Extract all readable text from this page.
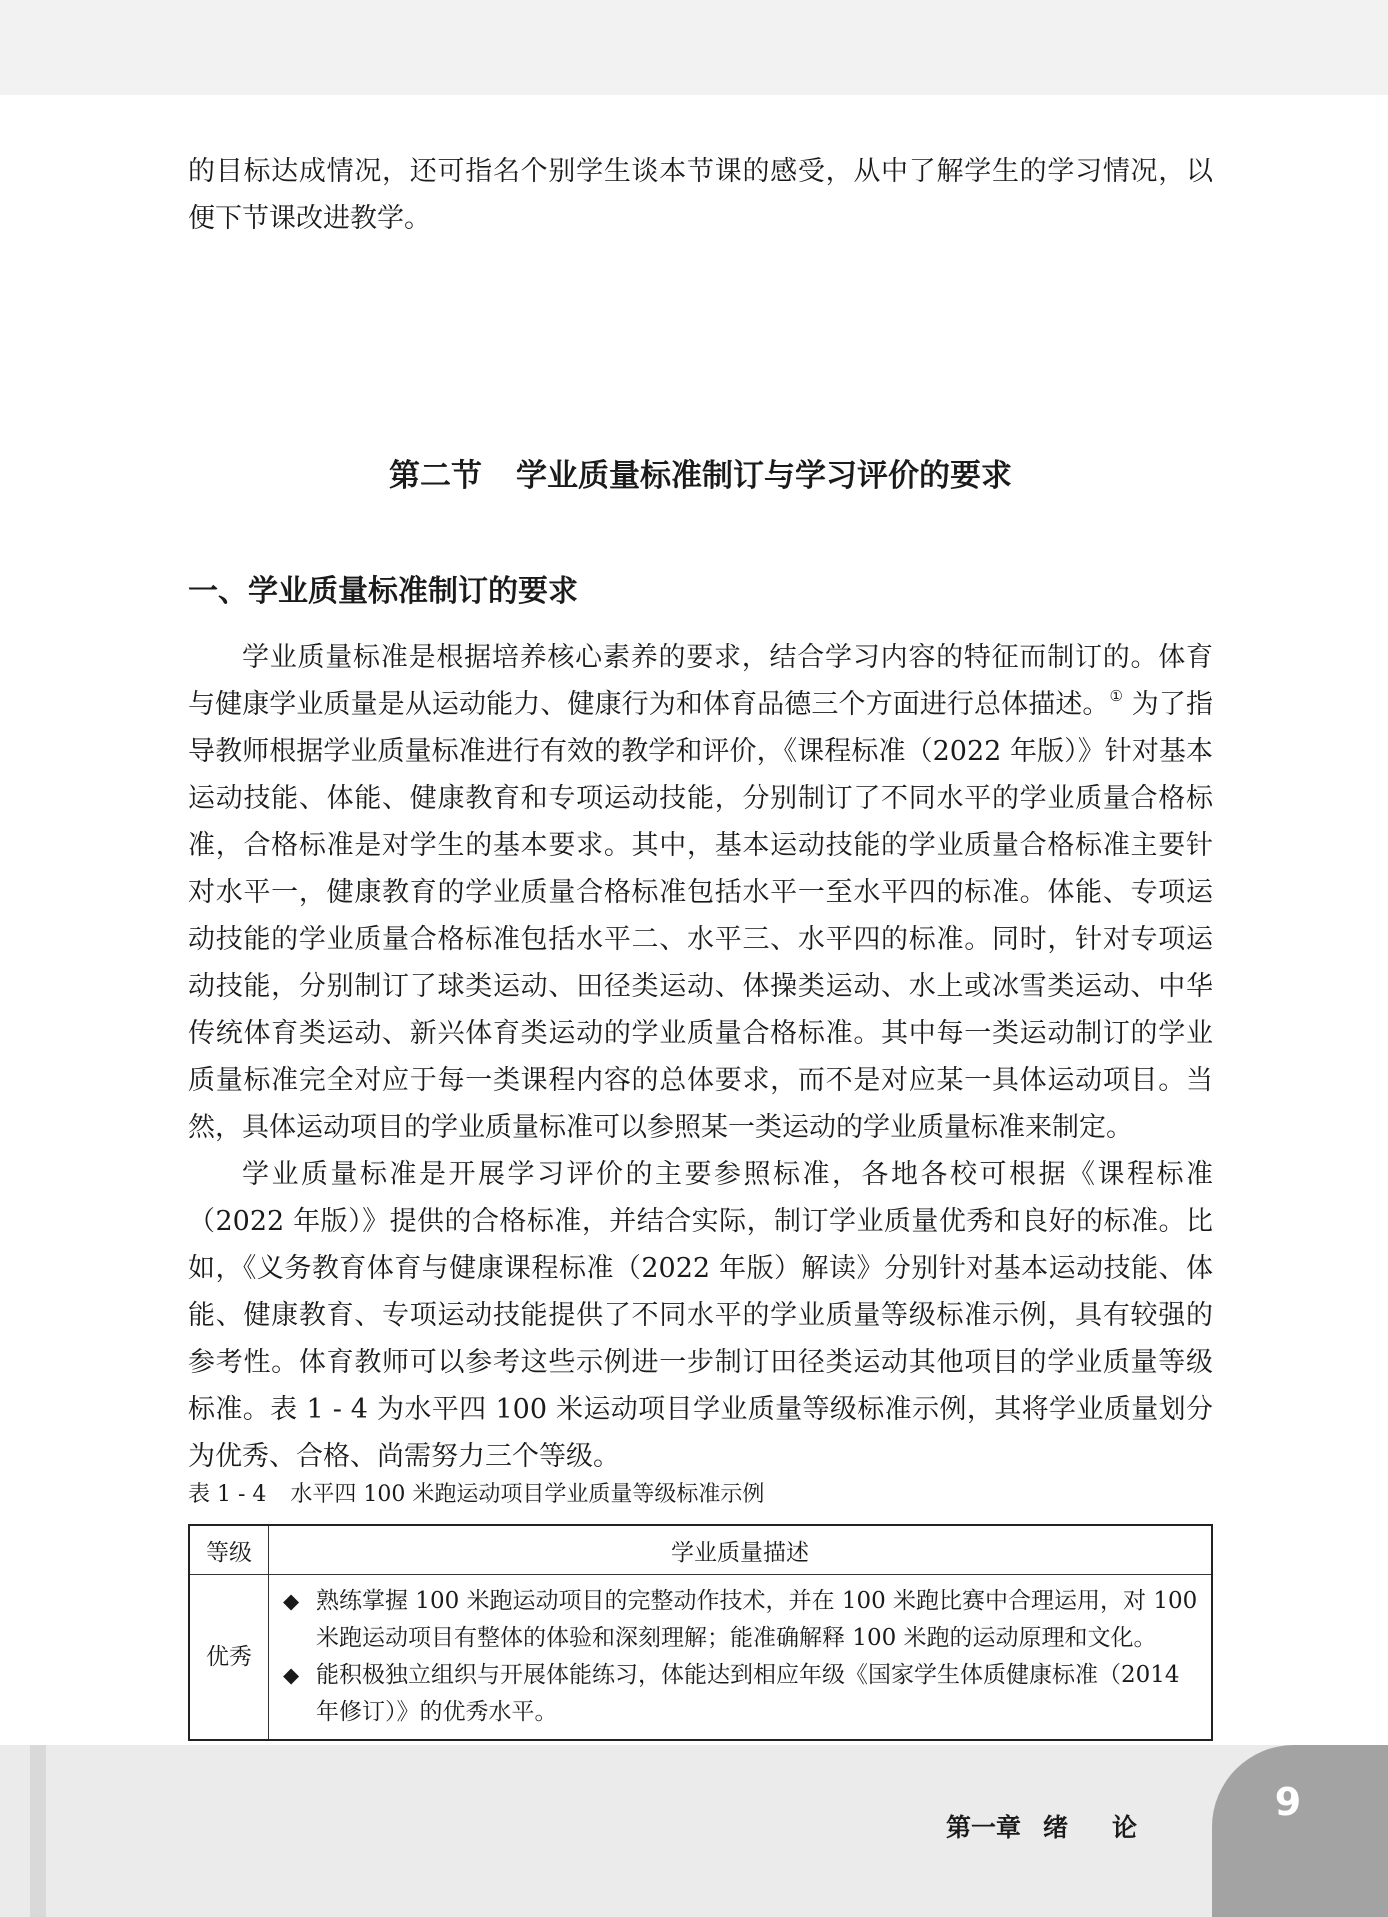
的目标达成情况，还可指名个别学生谈本节课的感受，从中了解学生的学习情况，以便下节课改进教学。

第二节 学业质量标准制订与学习评价的要求
一、学业质量标准制订的要求

学业质量标准是根据培养核心素养的要求，结合学习内容的特征而制订的。体育与健康学业质量是从运动能力、健康行为和体育品德三个方面进行总体描述。① 为了指导教师根据学业质量标准进行有效的教学和评价，《课程标准（2022 年版）》针对基本运动技能、体能、健康教育和专项运动技能，分别制订了不同水平的学业质量合格标准，合格标准是对学生的基本要求。其中，基本运动技能的学业质量合格标准主要针对水平一，健康教育的学业质量合格标准包括水平一至水平四的标准。体能、专项运动技能的学业质量合格标准包括水平二、水平三、水平四的标准。同时，针对专项运动技能，分别制订了球类运动、田径类运动、体操类运动、水上或冰雪类运动、中华传统体育类运动、新兴体育类运动的学业质量合格标准。其中每一类运动制订的学业质量标准完全对应于每一类课程内容的总体要求，而不是对应某一具体运动项目。当然，具体运动项目的学业质量标准可以参照某一类运动的学业质量标准来制定。

学业质量标准是开展学习评价的主要参照标准，各地各校可根据《课程标准（2022 年版）》提供的合格标准，并结合实际，制订学业质量优秀和良好的标准。比如，《义务教育体育与健康课程标准（2022 年版）解读》分别针对基本运动技能、体能、健康教育、专项运动技能提供了不同水平的学业质量等级标准示例，具有较强的参考性。体育教师可以参考这些示例进一步制订田径类运动其他项目的学业质量等级标准。表 1 - 4 为水平四 100 米运动项目学业质量等级标准示例，其将学业质量划分为优秀、合格、尚需努力三个等级。

表 1 - 4 水平四 100 米跑运动项目学业质量等级标准示例
等级	学业质量描述
优秀	◆ 熟练掌握 100 米跑运动项目的完整动作技术，并在 100 米跑比赛中合理运用，对 100 米跑运动项目有整体的体验和深刻理解；能准确解释 100 米跑的运动原理和文化。
◆ 能积极独立组织与开展体能练习，体能达到相应年级《国家学生体质健康标准（2014 年修订）》的优秀水平。
第一章 绪 论
9
